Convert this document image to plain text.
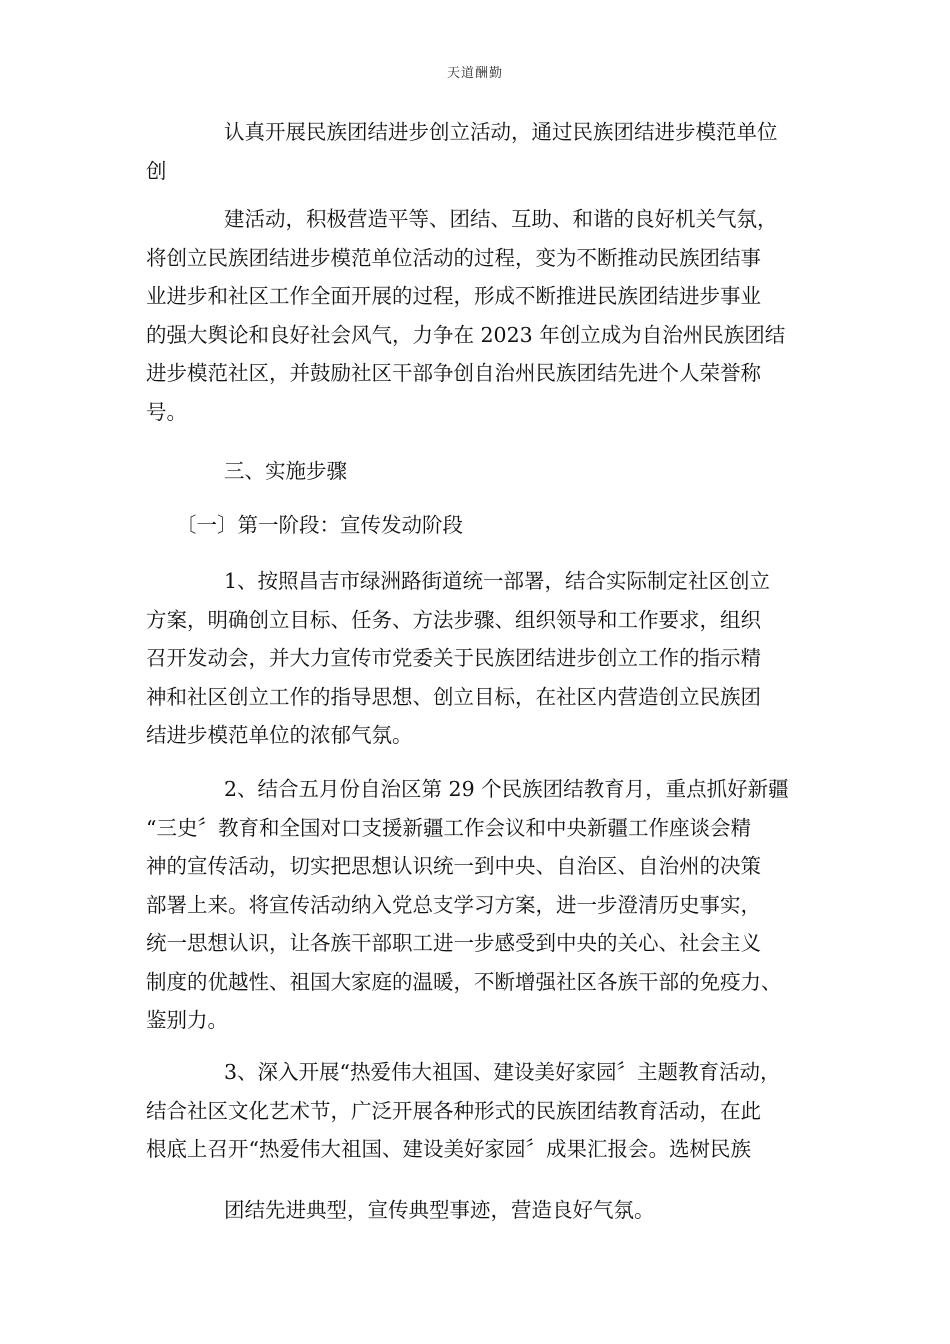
天道酬勤
认真开展民族团结进步创立活动，通过民族团结进步模范单位
创
建活动，积极营造平等、团结、互助、和谐的良好机关气氛，
将创立民族团结进步模范单位活动的过程，变为不断推动民族团结事
业进步和社区工作全面开展的过程，形成不断推进民族团结进步事业
的强大舆论和良好社会风气，力争在 2023 年创立成为自治州民族团结
进步模范社区，并鼓励社区干部争创自治州民族团结先进个人荣誉称
号。
三、实施步骤
〔一〕第一阶段：宣传发动阶段
1、按照昌吉市绿洲路街道统一部署，结合实际制定社区创立
方案，明确创立目标、任务、方法步骤、组织领导和工作要求，组织
召开发动会，并大力宣传市党委关于民族团结进步创立工作的指示精
神和社区创立工作的指导思想、创立目标，在社区内营造创立民族团
结进步模范单位的浓郁气氛。
2、结合五月份自治区第 29 个民族团结教育月，重点抓好新疆
“三史〞教育和全国对口支援新疆工作会议和中央新疆工作座谈会精
神的宣传活动，切实把思想认识统一到中央、自治区、自治州的决策
部署上来。将宣传活动纳入党总支学习方案，进一步澄清历史事实，
统一思想认识，让各族干部职工进一步感受到中央的关心、社会主义
制度的优越性、祖国大家庭的温暖，不断增强社区各族干部的免疫力、
鉴别力。
3、深入开展“热爱伟大祖国、建设美好家园〞主题教育活动，
结合社区文化艺术节，广泛开展各种形式的民族团结教育活动，在此
根底上召开“热爱伟大祖国、建设美好家园〞成果汇报会。选树民族
团结先进典型，宣传典型事迹，营造良好气氛。
